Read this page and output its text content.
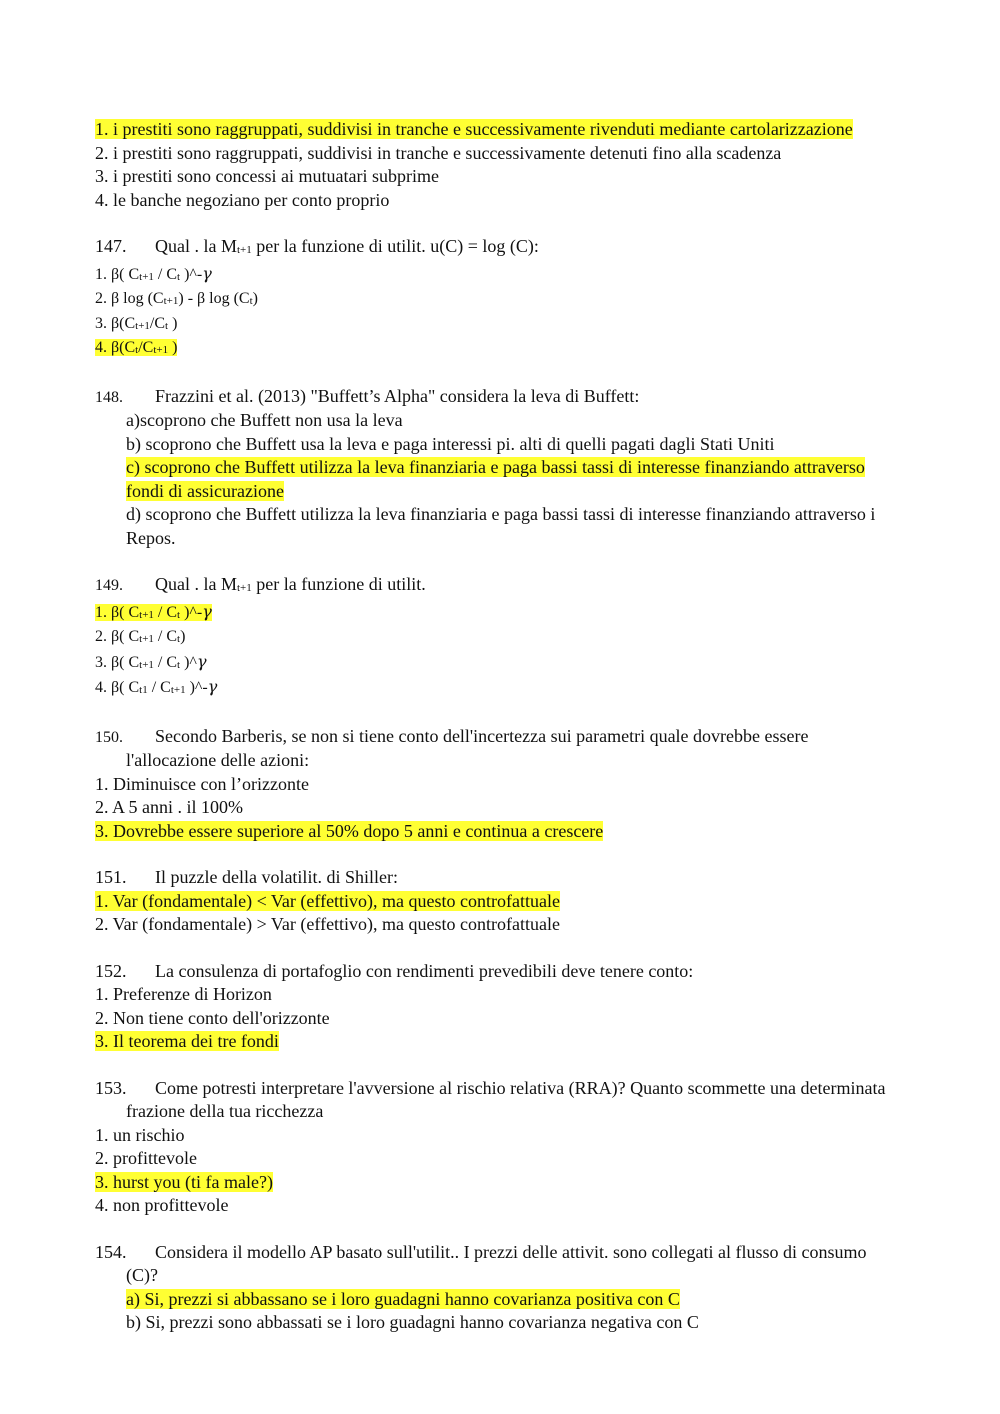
1. i prestiti sono raggruppati, suddivisi in tranche e successivamente rivenduti mediante cartolarizzazione
2. i prestiti sono raggruppati, suddivisi in tranche e successivamente detenuti fino alla scadenza
3. i prestiti sono concessi ai mutuatari subprime
4. le banche negoziano per conto proprio
147. Qual . la $M_{t+1}$ per la funzione di utilit. u(C) = log (C):
1. β( $C_{t+1} / C_t$ )^-γ
2. β $\log (C_{t+1})$ - β $\log (C_t)$
3. $\beta(C_{t+1}/C_t$ )
4. $\beta(C_t/C_{t+1}$ )
148. Frazzini et al. (2013) "Buffett’s Alpha" considera la leva di Buffett:
a)scoprono che Buffett non usa la leva
b) scoprono che Buffett usa la leva e paga interessi pi. alti di quelli pagati dagli Stati Uniti
c) scoprono che Buffett utilizza la leva finanziaria e paga bassi tassi di interesse finanziando attraverso fondi di assicurazione
d) scoprono che Buffett utilizza la leva finanziaria e paga bassi tassi di interesse finanziando attraverso i Repos.
149. Qual . la $M_{t+1}$ per la funzione di utilit.
1. β( $C_{t+1} / C_t$ )^-γ
2. β( $C_{t+1} / C_t$)
3. β( $C_{t+1} / C_t$ )^γ
4. β( $C_{t1} / C_{t+1}$ )^-γ
150. Secondo Barberis, se non si tiene conto dell'incertezza sui parametri quale dovrebbe essere l'allocazione delle azioni:
1. Diminuisce con l’orizzonte
2. A 5 anni . il 100%
3. Dovrebbe essere superiore al 50% dopo 5 anni e continua a crescere
151. Il puzzle della volatilit. di Shiller:
1. Var (fondamentale) < Var (effettivo), ma questo controfattuale
2. Var (fondamentale) > Var (effettivo), ma questo controfattuale
152. La consulenza di portafoglio con rendimenti prevedibili deve tenere conto:
1. Preferenze di Horizon
2. Non tiene conto dell'orizzonte
3. Il teorema dei tre fondi
153. Come potresti interpretare l'avversione al rischio relativa (RRA)? Quanto scommette una determinata frazione della tua ricchezza
1. un rischio
2. profittevole
3. hurst you (ti fa male?)
4. non profittevole
154. Considera il modello AP basato sull'utilit.. I prezzi delle attivit. sono collegati al flusso di consumo (C)?
a) Si, prezzi si abbassano se i loro guadagni hanno covarianza positiva con C
b) Si, prezzi sono abbassati se i loro guadagni hanno covarianza negativa con C
